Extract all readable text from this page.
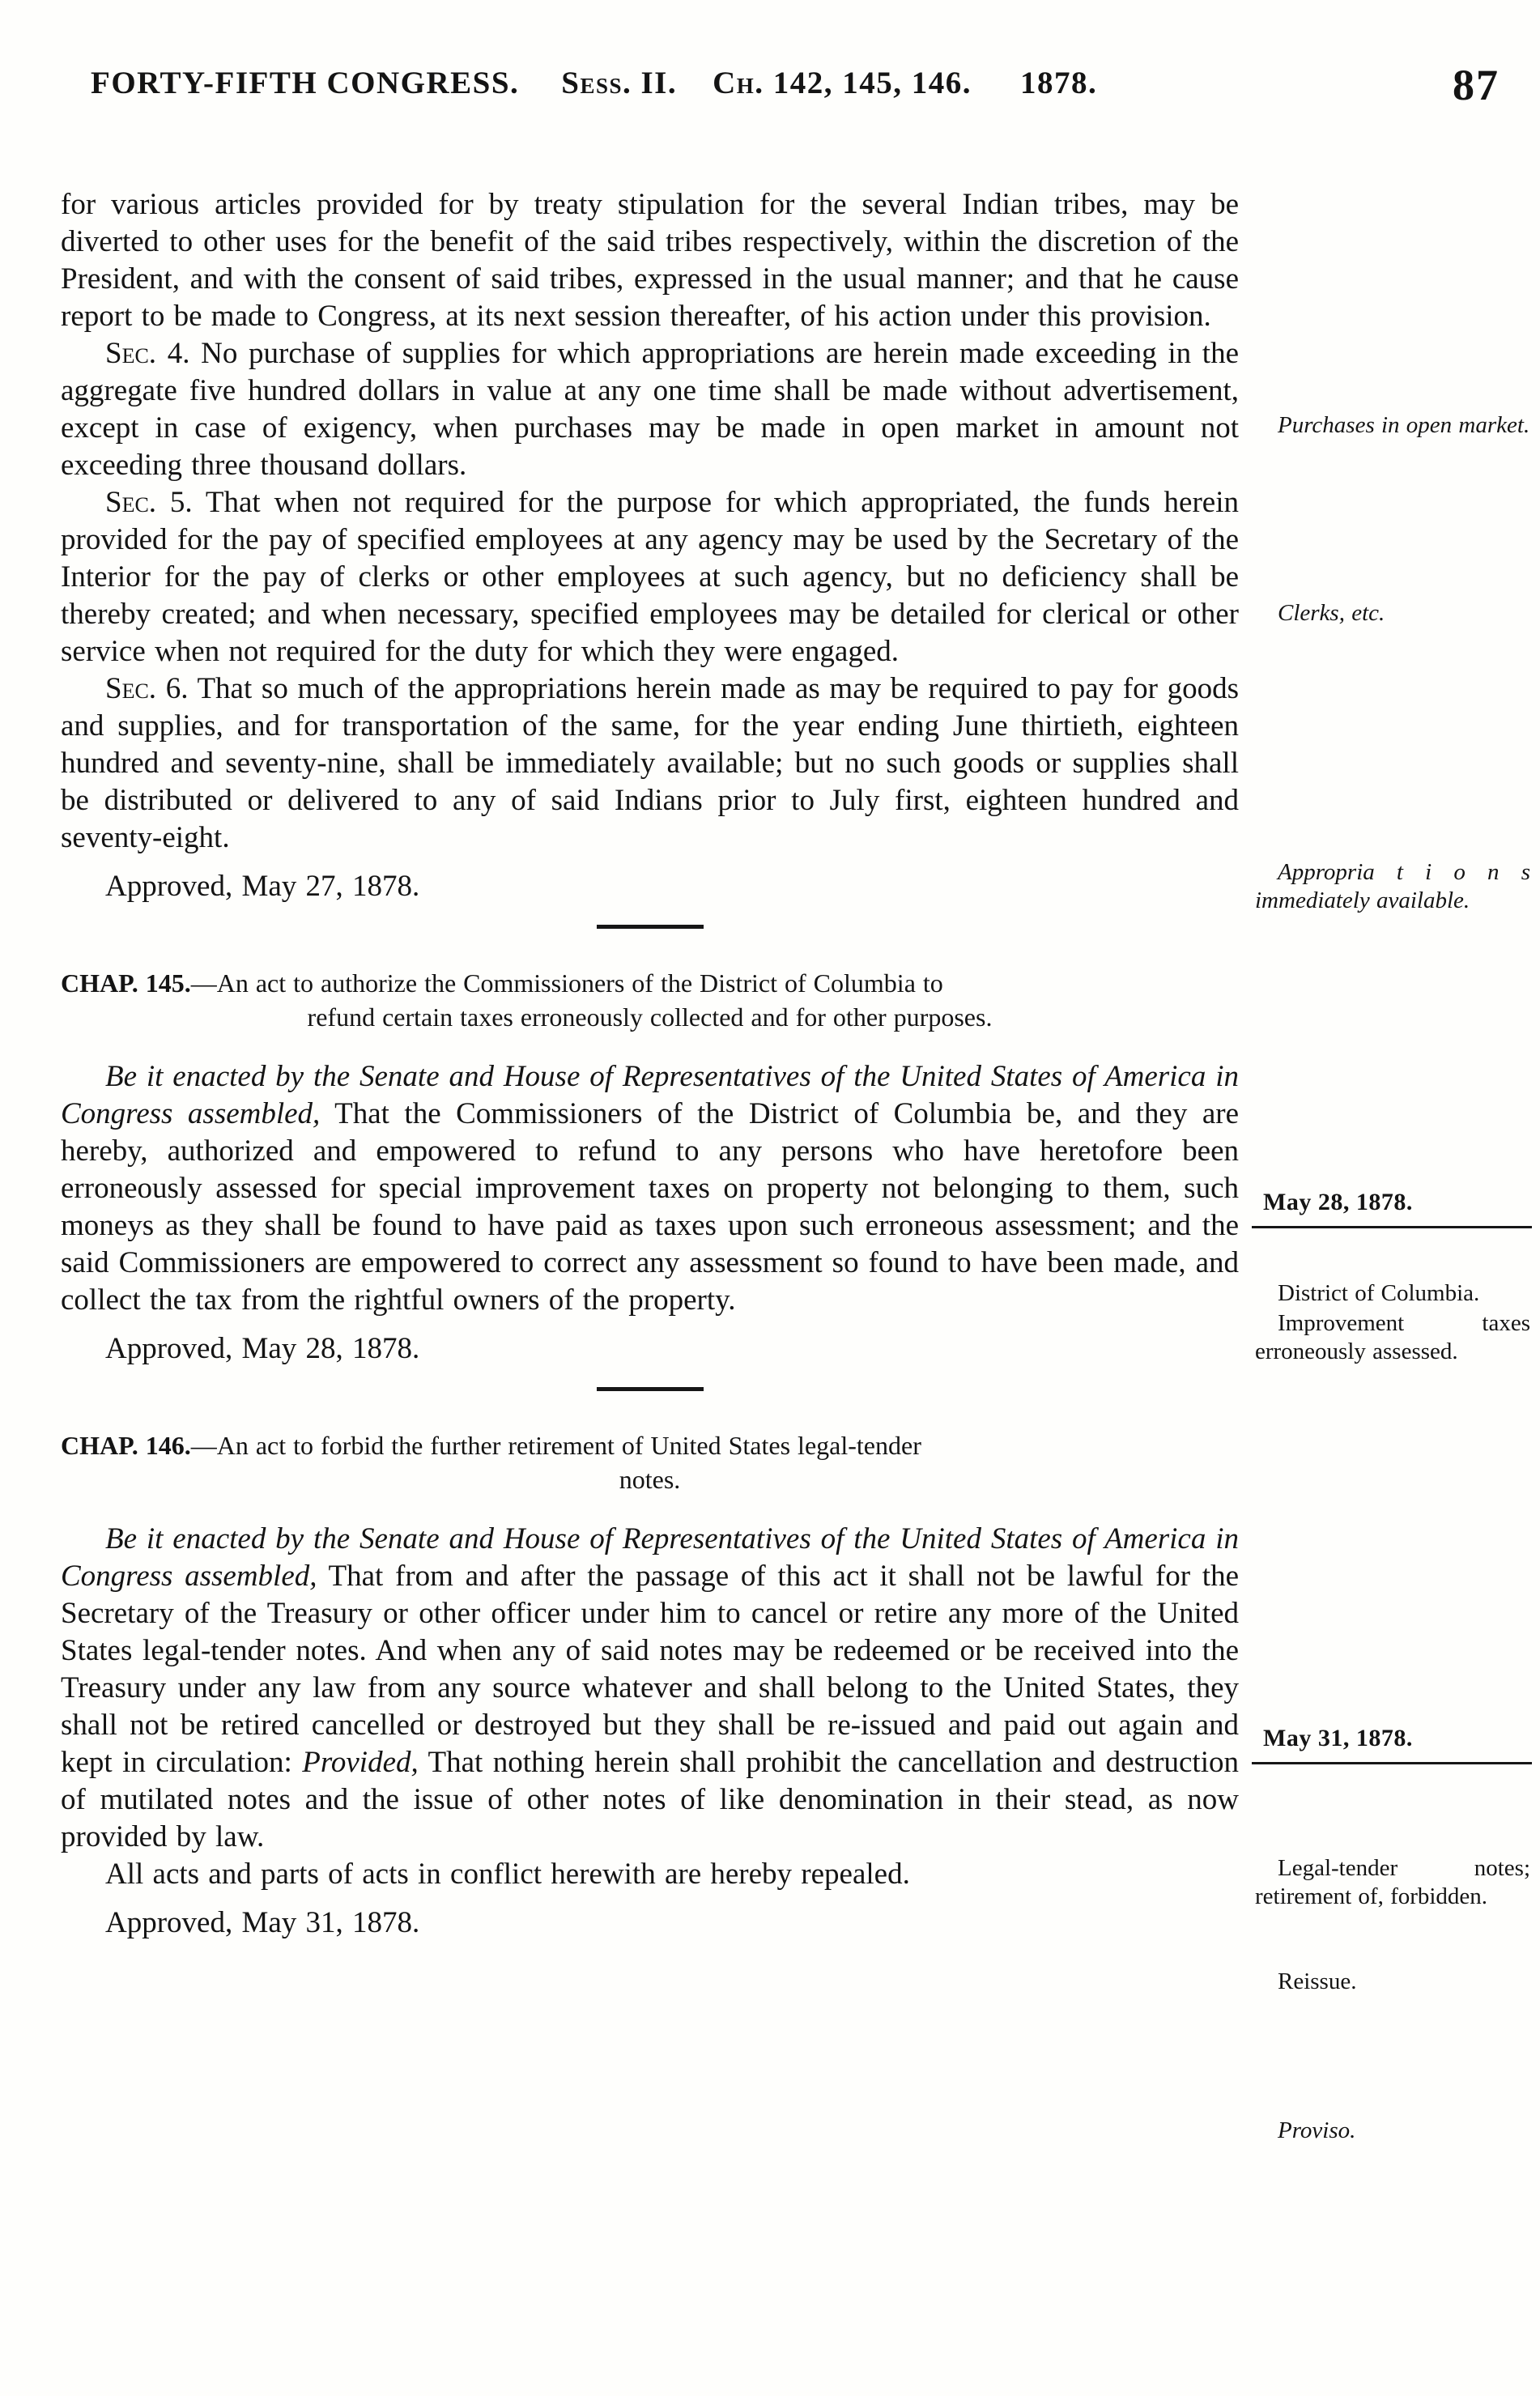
FORTY-FIFTH CONGRESS. Sess. II. Ch. 142, 145, 146. 1878.	87

for various articles provided for by treaty stipulation for the several Indian tribes, may be diverted to other uses for the benefit of the said tribes respectively, within the discretion of the President, and with the consent of said tribes, expressed in the usual manner; and that he cause report to be made to Congress, at its next session thereafter, of his action under this provision.

Sec. 4. No purchase of supplies for which appropriations are herein made exceeding in the aggregate five hundred dollars in value at any one time shall be made without advertisement, except in case of exigency, when purchases may be made in open market in amount not exceeding three thousand dollars.

Sec. 5. That when not required for the purpose for which appropriated, the funds herein provided for the pay of specified employees at any agency may be used by the Secretary of the Interior for the pay of clerks or other employees at such agency, but no deficiency shall be thereby created; and when necessary, specified employees may be detailed for clerical or other service when not required for the duty for which they were engaged.

Sec. 6. That so much of the appropriations herein made as may be required to pay for goods and supplies, and for transportation of the same, for the year ending June thirtieth, eighteen hundred and seventy-nine, shall be immediately available; but no such goods or supplies shall be distributed or delivered to any of said Indians prior to July first, eighteen hundred and seventy-eight.

Approved, May 27, 1878.

CHAP. 145.—An act to authorize the Commissioners of the District of Columbia to
refund certain taxes erroneously collected and for other purposes.

Be it enacted by the Senate and House of Representatives of the United States of America in Congress assembled, That the Commissioners of the District of Columbia be, and they are hereby, authorized and empowered to refund to any persons who have heretofore been erroneously assessed for special improvement taxes on property not belonging to them, such moneys as they shall be found to have paid as taxes upon such erroneous assessment; and the said Commissioners are empowered to correct any assessment so found to have been made, and collect the tax from the rightful owners of the property.

Approved, May 28, 1878.

CHAP. 146.—An act to forbid the further retirement of United States legal-tender
notes.

Be it enacted by the Senate and House of Representatives of the United States of America in Congress assembled, That from and after the passage of this act it shall not be lawful for the Secretary of the Treasury or other officer under him to cancel or retire any more of the United States legal-tender notes. And when any of said notes may be redeemed or be received into the Treasury under any law from any source whatever and shall belong to the United States, they shall not be retired cancelled or destroyed but they shall be re-issued and paid out again and kept in circulation: Provided, That nothing herein shall prohibit the cancellation and destruction of mutilated notes and the issue of other notes of like denomination in their stead, as now provided by law.

All acts and parts of acts in conflict herewith are hereby repealed.

Approved, May 31, 1878.

Purchases in open market.
Clerks, etc.
Appropria t i o n s immediately available.
May 28, 1878.
District of Columbia.
Improvement taxes erroneously assessed.
May 31, 1878.
Legal-tender notes; retirement of, forbidden.
Reissue.
Proviso.
